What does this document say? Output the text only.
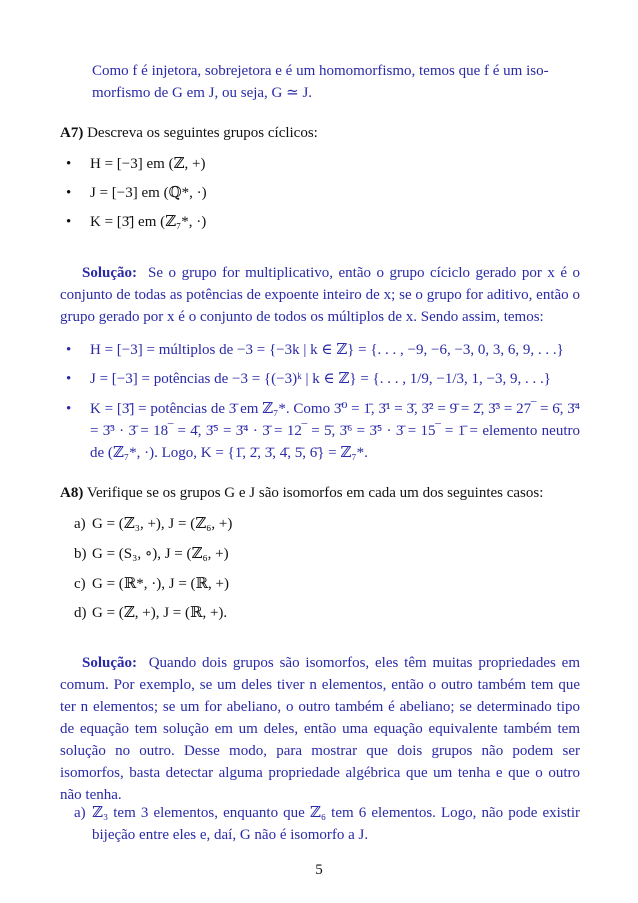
Como f é injetora, sobrejetora e é um homomorfismo, temos que f é um iso-
morfismo de G em J, ou seja, G ≃ J.
A7) Descreva os seguintes grupos cíclicos:
• H = [−3] em (ℤ, +)
• J = [−3] em (ℚ*, ·)
• K = [3̄] em (ℤ₇*, ·)
Solução: Se o grupo for multiplicativo, então o grupo cíciclo gerado por x é o conjunto de todas as potências de expoente inteiro de x; se o grupo for aditivo, então o grupo gerado por x é o conjunto de todos os múltiplos de x. Sendo assim, temos:
• H = [−3] = múltiplos de −3 = {−3k | k ∈ ℤ} = {. . . , −9, −6, −3, 0, 3, 6, 9, . . .}
• J = [−3] = potências de −3 = {(−3)ᵏ | k ∈ ℤ} = {. . . , 1/9, −1/3, 1, −3, 9, . . .}
• K = [3̄] = potências de 3̄ em ℤ₇*. Como 3̄⁰ = 1̄, 3̄¹ = 3̄, 3̄² = 9̄ = 2̄, 3̄³ = 27‾ = 6̄, 3̄⁴ = 3̄³ · 3̄ = 18‾ = 4̄, 3̄⁵ = 3̄⁴ · 3̄ = 12‾ = 5̄, 3̄⁶ = 3̄⁵ · 3̄ = 15‾ = 1̄ = elemento neutro de (ℤ₇*, ·). Logo, K = {1̄, 2̄, 3̄, 4̄, 5̄, 6̄} = ℤ₇*.
A8) Verifique se os grupos G e J são isomorfos em cada um dos seguintes casos:
a) G = (ℤ₃, +), J = (ℤ₆, +)
b) G = (S₃, ∘), J = (ℤ₆, +)
c) G = (ℝ*, ·), J = (ℝ, +)
d) G = (ℤ, +), J = (ℝ, +).
Solução: Quando dois grupos são isomorfos, eles têm muitas propriedades em comum. Por exemplo, se um deles tiver n elementos, então o outro também tem que ter n elementos; se um for abeliano, o outro também é abeliano; se determinado tipo de equação tem solução em um deles, então uma equação equivalente também tem solução no outro. Desse modo, para mostrar que dois grupos não podem ser isomorfos, basta detectar alguma propriedade algébrica que um tenha e que o outro não tenha.
a) ℤ₃ tem 3 elementos, enquanto que ℤ₆ tem 6 elementos. Logo, não pode existir bijeção entre eles e, daí, G não é isomorfo a J.
5
